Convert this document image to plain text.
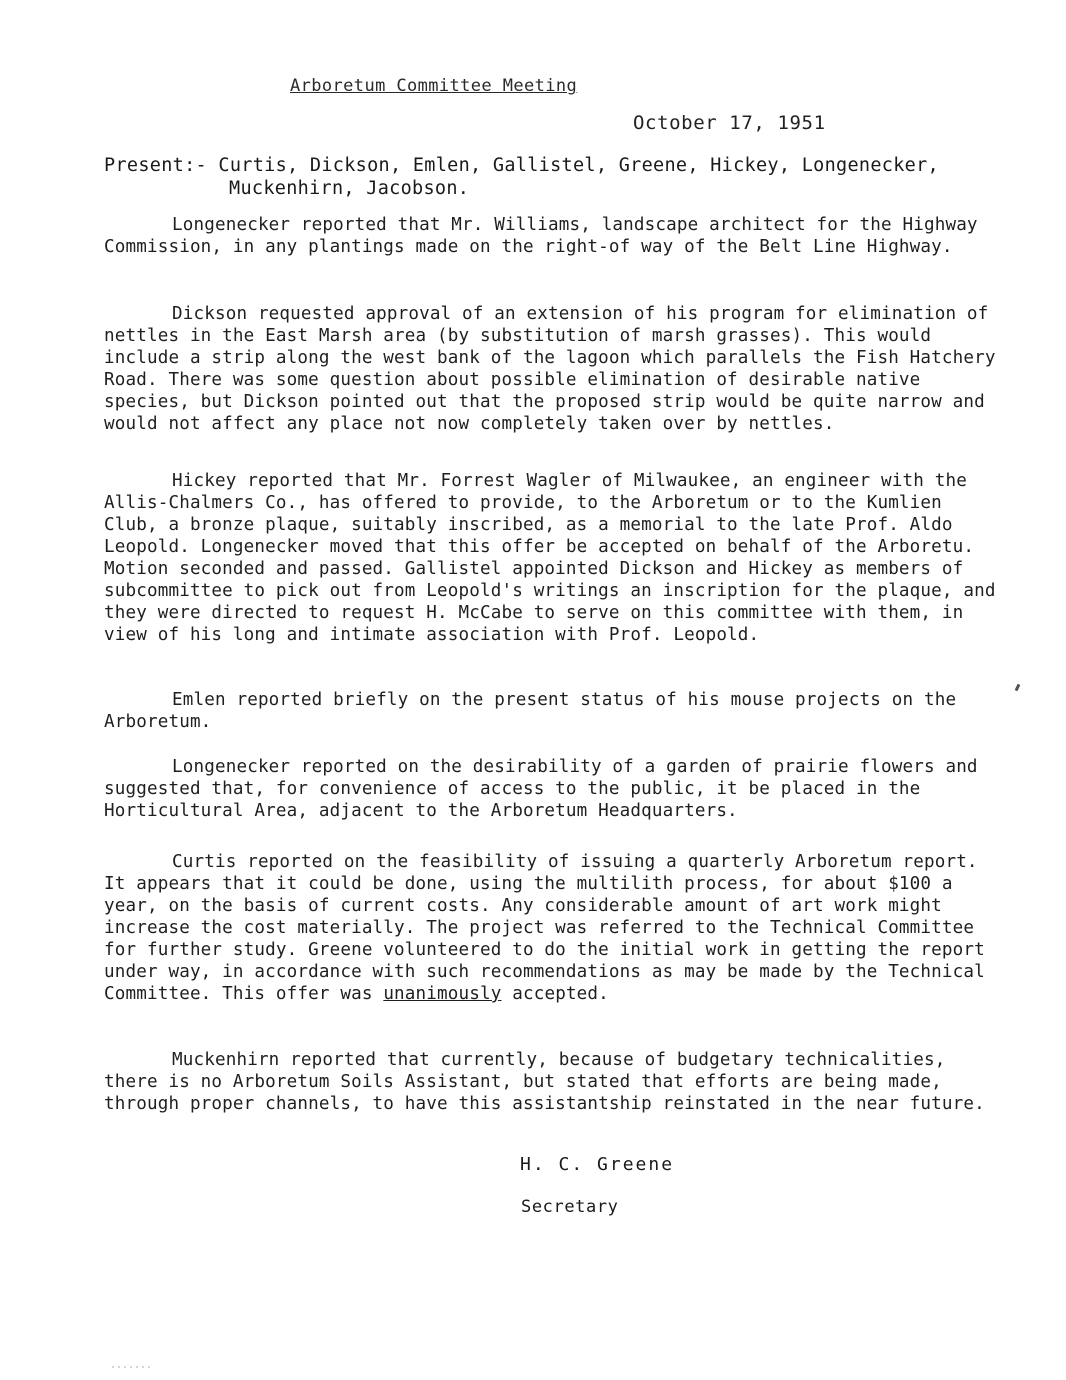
Arboretum Committee Meeting
October 17, 1951
Present:- Curtis, Dickson, Emlen, Gallistel, Greene, Hickey, Longenecker,
Muckenhirn, Jacobson.

Longenecker reported that Mr. Williams, landscape architect for the Highway Commission, in any plantings made on the right-of way of the Belt Line Highway.

Dickson requested approval of an extension of his program for elimination of nettles in the East Marsh area (by substitution of marsh grasses). This would include a strip along the west bank of the lagoon which parallels the Fish Hatchery Road. There was some question about possible elimination of desirable native species, but Dickson pointed out that the proposed strip would be quite narrow and would not affect any place not now completely taken over by nettles.

Hickey reported that Mr. Forrest Wagler of Milwaukee, an engineer with the Allis-Chalmers Co., has offered to provide, to the Arboretum or to the Kumlien Club, a bronze plaque, suitably inscribed, as a memorial to the late Prof. Aldo Leopold. Longenecker moved that this offer be accepted on behalf of the Arboretu. Motion seconded and passed. Gallistel appointed Dickson and Hickey as members of subcommittee to pick out from Leopold's writings an inscription for the plaque, and they were directed to request H. McCabe to serve on this committee with them, in view of his long and intimate association with Prof. Leopold.

Emlen reported briefly on the present status of his mouse projects on the Arboretum.

Longenecker reported on the desirability of a garden of prairie flowers and suggested that, for convenience of access to the public, it be placed in the Horticultural Area, adjacent to the Arboretum Headquarters.

Curtis reported on the feasibility of issuing a quarterly Arboretum report. It appears that it could be done, using the multilith process, for about $100 a year, on the basis of current costs. Any considerable amount of art work might increase the cost materially. The project was referred to the Technical Committee for further study. Greene volunteered to do the initial work in getting the report under way, in accordance with such recommendations as may be made by the Technical Committee. This offer was unanimously accepted.

Muckenhirn reported that currently, because of budgetary technicalities, there is no Arboretum Soils Assistant, but stated that efforts are being made, through proper channels, to have this assistantship reinstated in the near future.

H. C. Greene
Secretary
